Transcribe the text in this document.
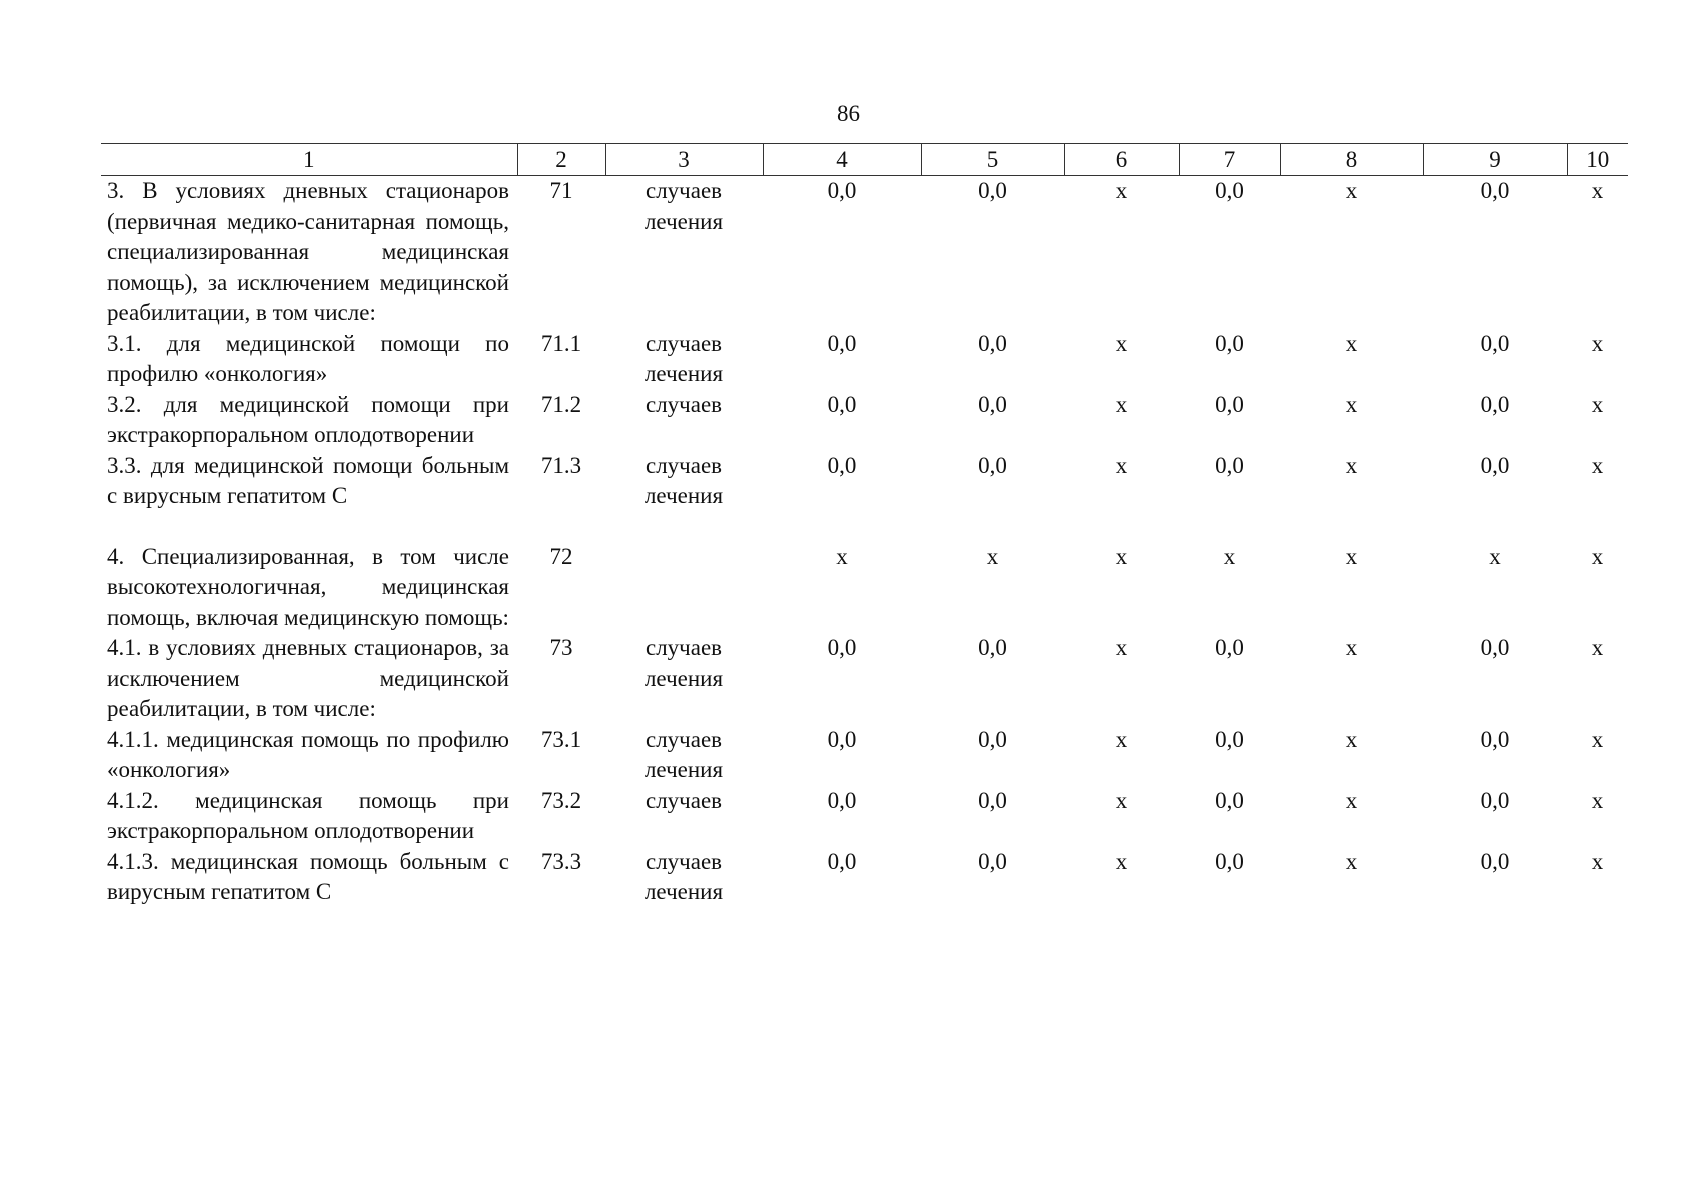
86
1	2	3	4	5	6	7	8	9	10
3. В условиях дневных стационаров (первичная медико-санитарная помощь, специализированная медицинская помощь), за исключением медицинской реабилитации, в том числе:	71	случаев лечения	0,0	0,0	x	0,0	x	0,0	x
3.1. для медицинской помощи по профилю «онкология»	71.1	случаев лечения	0,0	0,0	x	0,0	x	0,0	x
3.2. для медицинской помощи при экстракорпоральном оплодотворении	71.2	случаев	0,0	0,0	x	0,0	x	0,0	x
3.3. для медицинской помощи больным с вирусным гепатитом С	71.3	случаев лечения	0,0	0,0	x	0,0	x	0,0	x

4. Специализированная, в том числе высокотехнологичная, медицинская помощь, включая медицинскую помощь:	72		x	x	x	x	x	x	x
4.1. в условиях дневных стационаров, за исключением медицинской реабилитации, в том числе:	73	случаев лечения	0,0	0,0	x	0,0	x	0,0	x
4.1.1. медицинская помощь по профилю «онкология»	73.1	случаев лечения	0,0	0,0	x	0,0	x	0,0	x
4.1.2. медицинская помощь при экстракорпоральном оплодотворении	73.2	случаев	0,0	0,0	x	0,0	x	0,0	x
4.1.3. медицинская помощь больным с вирусным гепатитом С	73.3	случаев лечения	0,0	0,0	x	0,0	x	0,0	x
